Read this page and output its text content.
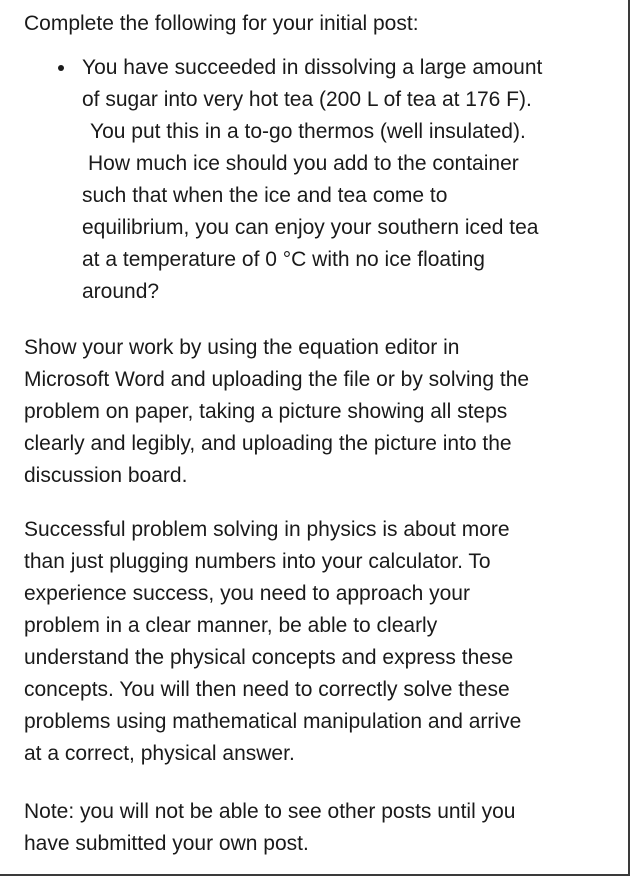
Complete the following for your initial post:

You have succeeded in dissolving a large amount
of sugar into very hot tea (200 L of tea at 176 F).
You put this in a to-go thermos (well insulated).
How much ice should you add to the container
such that when the ice and tea come to
equilibrium, you can enjoy your southern iced tea
at a temperature of 0 °C with no ice floating
around?

Show your work by using the equation editor in
Microsoft Word and uploading the file or by solving the
problem on paper, taking a picture showing all steps
clearly and legibly, and uploading the picture into the
discussion board.

Successful problem solving in physics is about more
than just plugging numbers into your calculator. To
experience success, you need to approach your
problem in a clear manner, be able to clearly
understand the physical concepts and express these
concepts. You will then need to correctly solve these
problems using mathematical manipulation and arrive
at a correct, physical answer.

Note: you will not be able to see other posts until you
have submitted your own post.
